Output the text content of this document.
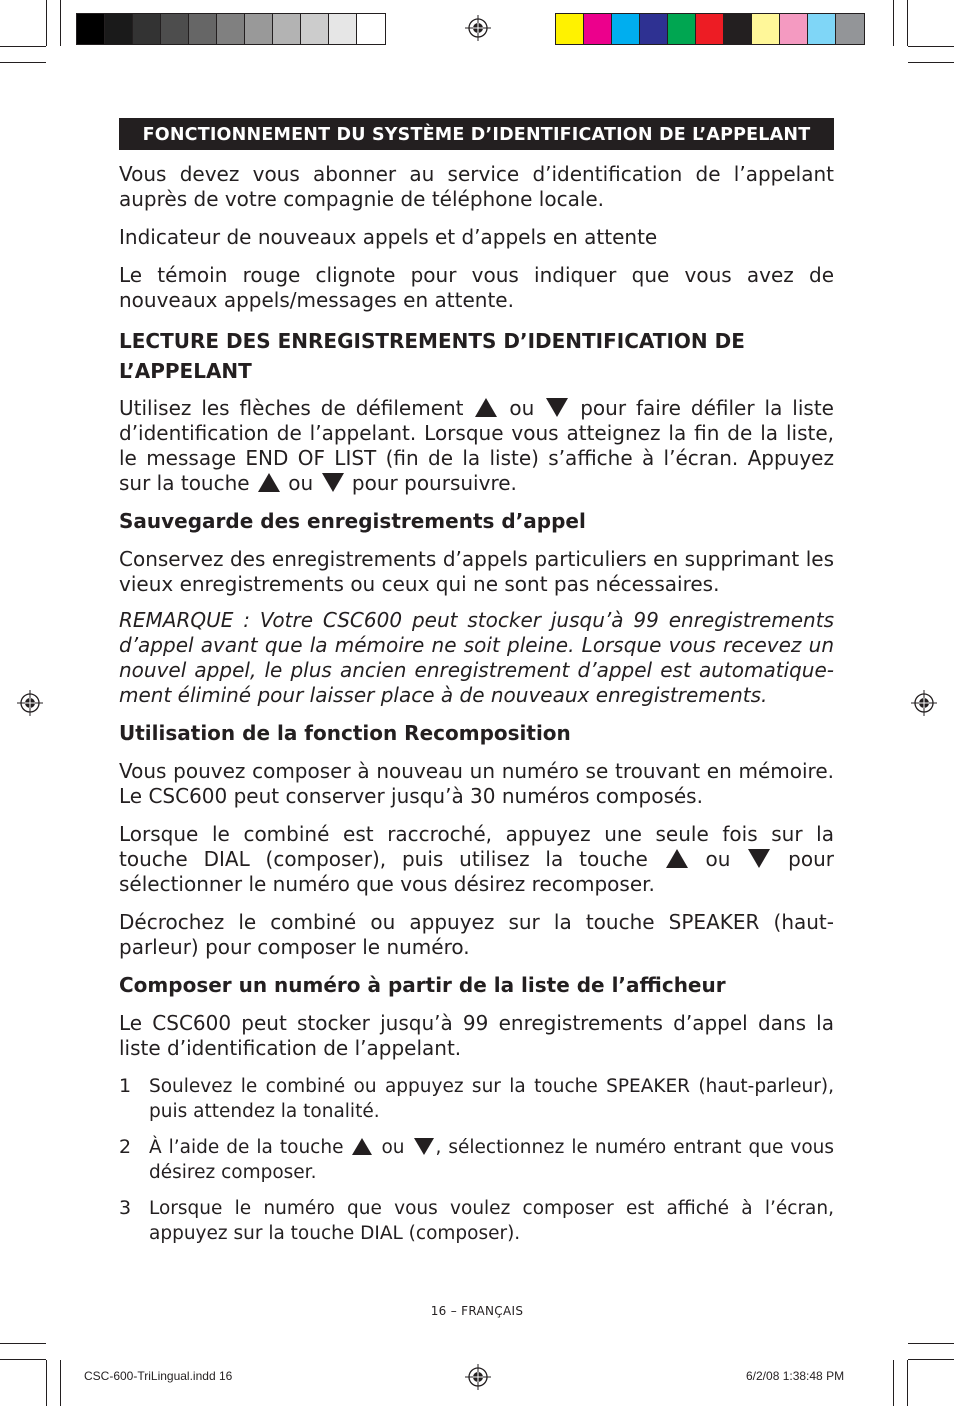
FONCTIONNEMENT DU SYSTÈME D’IDENTIFICATION DE L’APPELANT

Vous devez vous abonner au service d’identification de l’appelant auprès de votre compagnie de téléphone locale.

Indicateur de nouveaux appels et d’appels en attente

Le témoin rouge clignote pour vous indiquer que vous avez de nouveaux appels/messages en attente.

LECTURE DES ENREGISTREMENTS D’IDENTIFICATION DE L’APPELANT

Utilisez les flèches de défilement  ou  pour faire défiler la liste d’identification de l’appelant. Lorsque vous atteignez la fin de la liste, le message END OF LIST (fin de la liste) s’affiche à l’écran. Appuyez sur la touche  ou  pour poursuivre.

Sauvegarde des enregistrements d’appel

Conservez des enregistrements d’appels particuliers en supprimant les vieux enregistrements ou ceux qui ne sont pas nécessaires.

REMARQUE : Votre CSC600 peut stocker jusqu’à 99 enregistrements d’appel avant que la mémoire ne soit pleine. Lorsque vous recevez un nouvel appel, le plus ancien enregistrement d’appel est automatique- ment éliminé pour laisser place à de nouveaux enregistrements.

Utilisation de la fonction Recomposition

Vous pouvez composer à nouveau un numéro se trouvant en mémoire. Le CSC600 peut conserver jusqu’à 30 numéros composés.

Lorsque le combiné est raccroché, appuyez une seule fois sur la touche DIAL (composer), puis utilisez la touche  ou  pour sélectionner le numéro que vous désirez recomposer.

Décrochez le combiné ou appuyez sur la touche SPEAKER (haut-parleur) pour composer le numéro.

Composer un numéro à partir de la liste de l’afficheur

Le CSC600 peut stocker jusqu’à 99 enregistrements d’appel dans la liste d’identification de l’appelant.

1 Soulevez le combiné ou appuyez sur la touche SPEAKER (haut-parleur), puis attendez la tonalité.
2 À l’aide de la touche  ou , sélectionnez le numéro entrant que vous désirez composer.
3 Lorsque le numéro que vous voulez composer est affiché à l’écran, appuyez sur la touche DIAL (composer).
16 – FRANÇAIS
CSC-600-TriLingual.indd 16	6/2/08 1:38:48 PM
